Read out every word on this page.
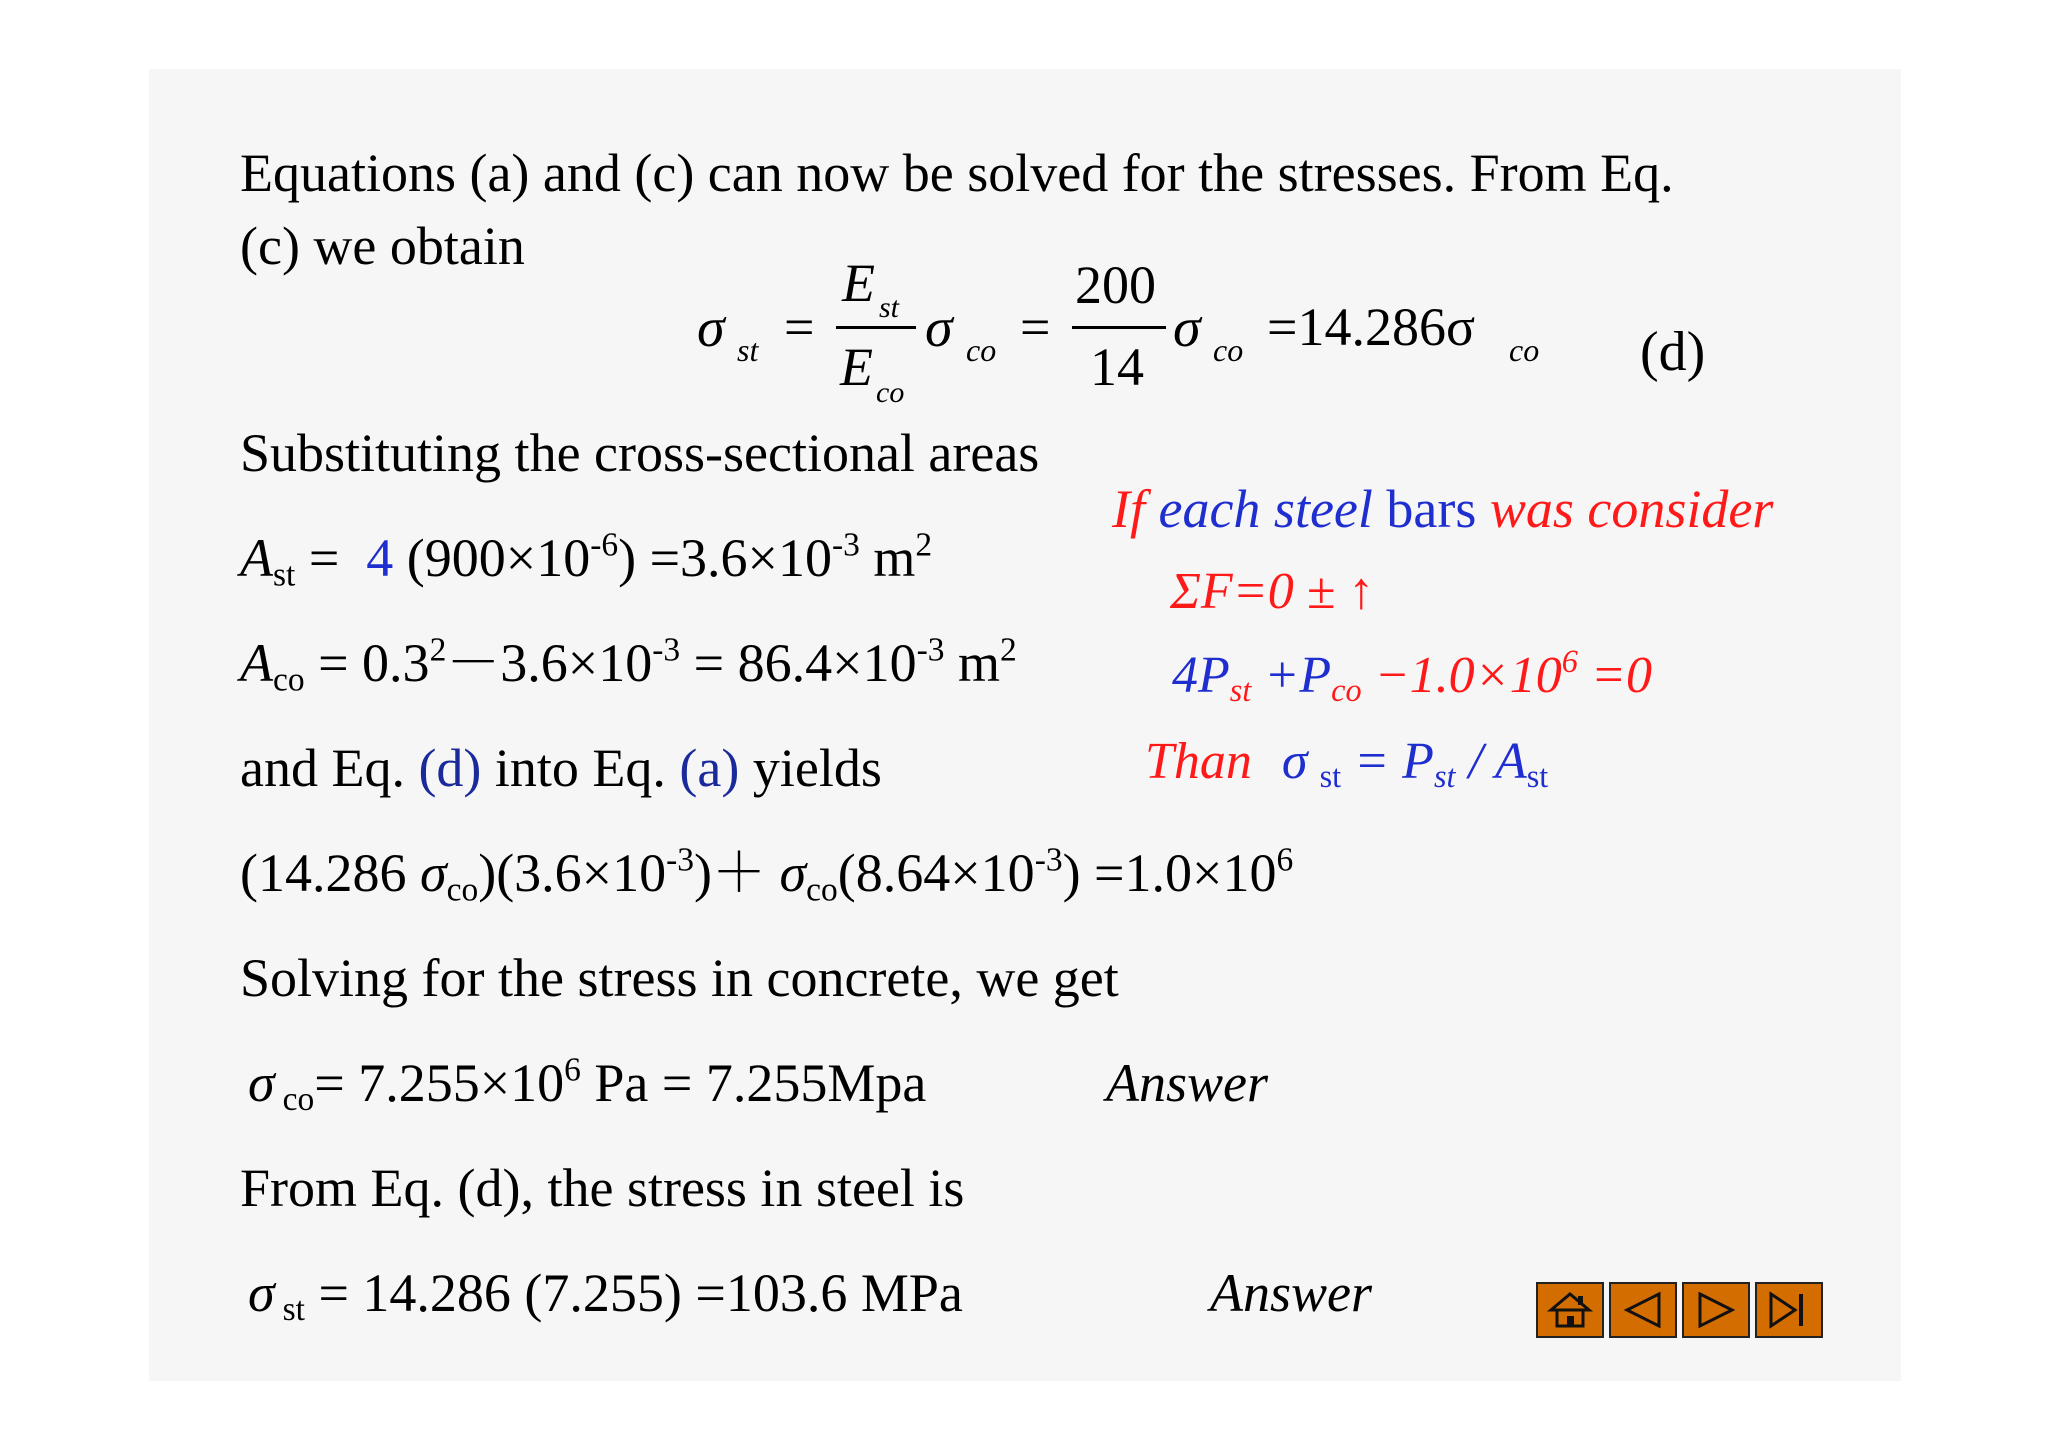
Equations (a) and (c) can now be solved for the stresses. From Eq.
(c) we obtain
σ st =
E st
E co
σ co =
200
14
σ co =14.286σ co (d)
Substituting the cross-sectional areas
$A_{st} = 4$ $(900\times 10^{-6}) =3.6\times 10^{-3}$ $m^2$
$A_{co} = 0.3^2-3.6\times 10^{-3} = 86.4\times 10^{-3}$ $m^2$
and Eq. (d) into Eq. (a) yields
(14.286 $\sigma_{co})(3.6\times 10^{-3})+ \sigma_{co}(8.64\times 10^{-3}) =1.0\times 10^6$
Solving for the stress in concrete, we get
σ $_{co}= 7.255\times 10^6$ Pa = 7.255Mpa	Answer
From Eq. (d), the stress in steel is
σ $_{st}$ = 14.286 (7.255) =103.6 MPa	Answer
If each steel bars was consider
ΣF=0 ± ↑
$4P_{st} +P_{co} -1.0\times 10^6 =0$
Than σ $_{st} = P_{st} / A_{st}$
